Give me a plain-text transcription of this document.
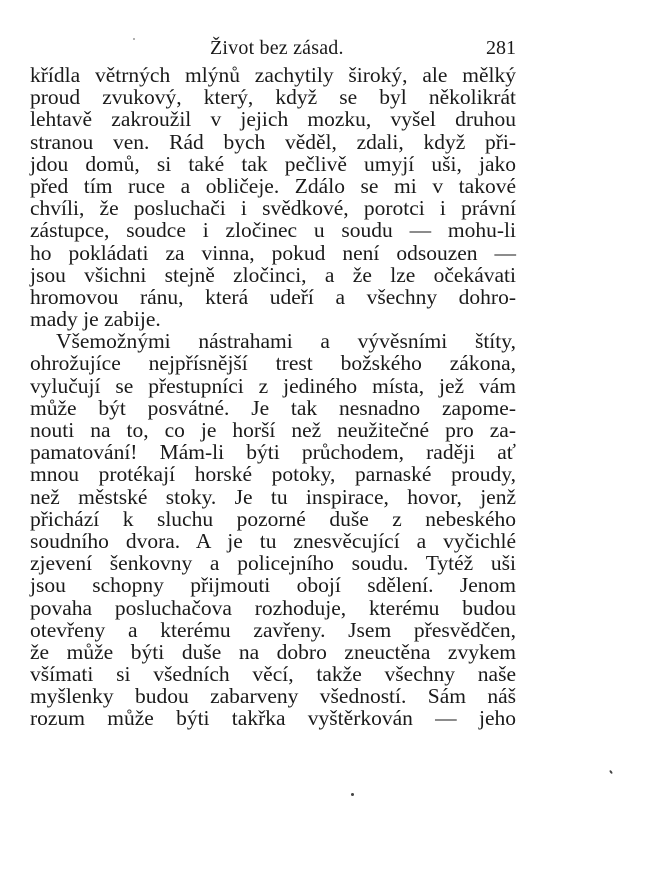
Život bez zásad.	281
křídla větrných mlýnů zachytily široký, ale mělký
proud zvukový, který, když se byl několikrát
lehtavě zakroužil v jejich mozku, vyšel druhou
stranou ven. Rád bych věděl, zdali, když při-
jdou domů, si také tak pečlivě umyjí uši, jako
před tím ruce a obličeje. Zdálo se mi v takové
chvíli, že posluchači i svědkové, porotci i právní
zástupce, soudce i zločinec u soudu — mohu-li
ho pokládati za vinna, pokud není odsouzen —
jsou všichni stejně zločinci, a že lze očekávati
hromovou ránu, která udeří a všechny dohro-
mady je zabije.
Všemožnými nástrahami a vývěsními štíty,
ohrožujíce nejpřísnější trest božského zákona,
vylučují se přestupníci z jediného místa, jež vám
může být posvátné. Je tak nesnadno zapome-
nouti na to, co je horší než neužitečné pro za-
pamatování! Mám-li býti průchodem, raději ať
mnou protékají horské potoky, parnaské proudy,
než městské stoky. Je tu inspirace, hovor, jenž
přichází k sluchu pozorné duše z nebeského
soudního dvora. A je tu znesvěcující a vyčichlé
zjevení šenkovny a policejního soudu. Tytéž uši
jsou schopny přijmouti obojí sdělení. Jenom
povaha posluchačova rozhoduje, kterému budou
otevřeny a kterému zavřeny. Jsem přesvědčen,
že může býti duše na dobro zneuctěna zvykem
všímati si všedních věcí, takže všechny naše
myšlenky budou zabarveny všedností. Sám náš
rozum může býti takřka vyštěrkován — jeho
